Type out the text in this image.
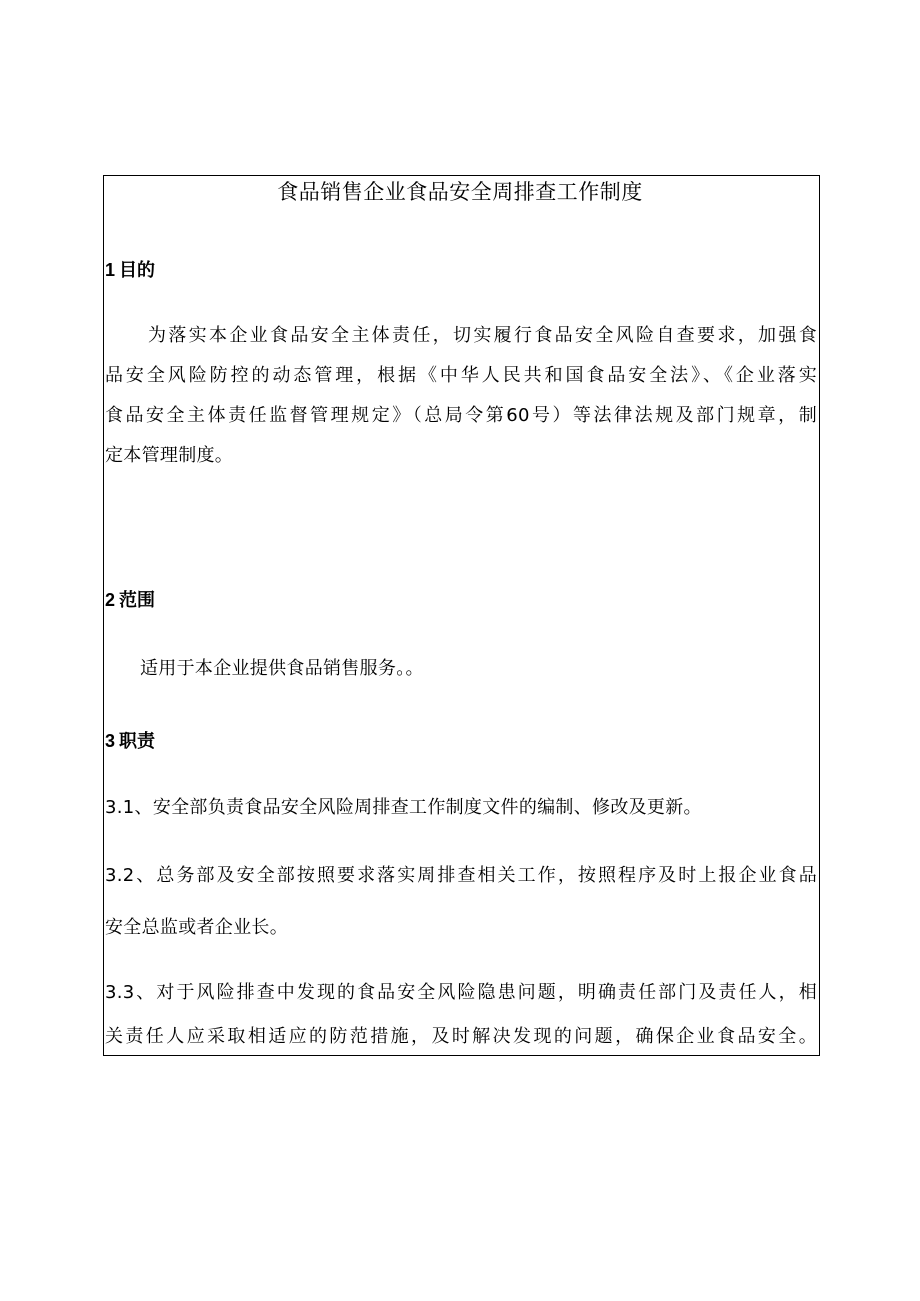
食品销售企业食品安全周排查工作制度
1 目的
为落实本企业食品安全主体责任，切实履行食品安全风险自查要求，加强食
品安全风险防控的动态管理，根据《中华人民共和国食品安全法》、《企业落实
食品安全主体责任监督管理规定》（总局令第60号）等法律法规及部门规章，制
定本管理制度。
2 范围
适用于本企业提供食品销售服务。。
3 职责
3.1、安全部负责食品安全风险周排查工作制度文件的编制、修改及更新。
3.2、总务部及安全部按照要求落实周排查相关工作，按照程序及时上报企业食品
安全总监或者企业长。
3.3、对于风险排查中发现的食品安全风险隐患问题，明确责任部门及责任人，相
关责任人应采取相适应的防范措施，及时解决发现的问题，确保企业食品安全。
